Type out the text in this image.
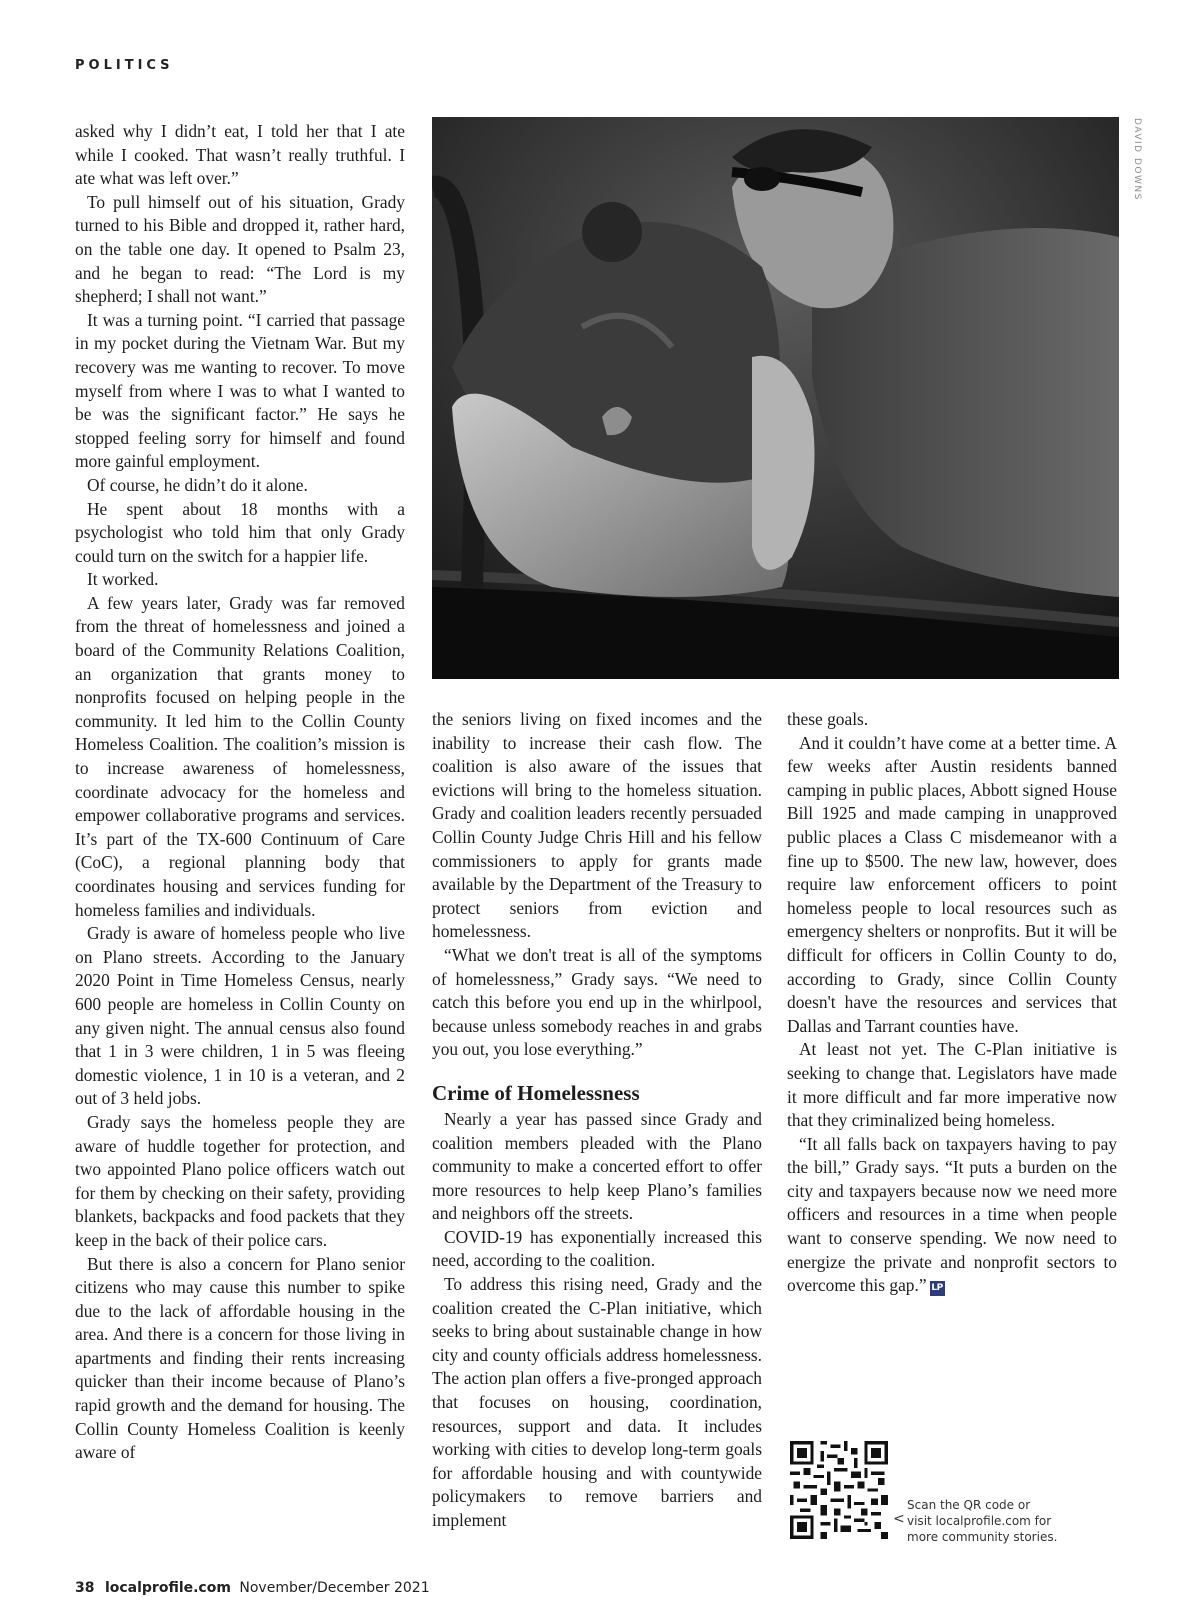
POLITICS

asked why I didn’t eat, I told her that I ate while I cooked. That wasn’t really truthful. I ate what was left over.”

To pull himself out of his situation, Grady turned to his Bible and dropped it, rather hard, on the table one day. It opened to Psalm 23, and he began to read: “The Lord is my shepherd; I shall not want.”

It was a turning point. “I carried that passage in my pocket during the Vietnam War. But my recovery was me wanting to recover. To move myself from where I was to what I wanted to be was the significant factor.” He says he stopped feeling sorry for himself and found more gainful employment.

Of course, he didn’t do it alone.

He spent about 18 months with a psychologist who told him that only Grady could turn on the switch for a happier life.

It worked.

A few years later, Grady was far removed from the threat of homelessness and joined a board of the Community Relations Coalition, an organization that grants money to nonprofits focused on helping people in the community. It led him to the Collin County Homeless Coalition. The coalition’s mission is to increase awareness of homelessness, coordinate advocacy for the homeless and empower collaborative programs and services. It’s part of the TX-600 Continuum of Care (CoC), a regional planning body that coordinates housing and services funding for homeless families and individuals.

Grady is aware of homeless people who live on Plano streets. According to the January 2020 Point in Time Homeless Census, nearly 600 people are homeless in Collin County on any given night. The annual census also found that 1 in 3 were children, 1 in 5 was fleeing domestic violence, 1 in 10 is a veteran, and 2 out of 3 held jobs.

Grady says the homeless people they are aware of huddle together for protection, and two appointed Plano police officers watch out for them by checking on their safety, providing blankets, backpacks and food packets that they keep in the back of their police cars.

But there is also a concern for Plano senior citizens who may cause this number to spike due to the lack of affordable housing in the area. And there is a concern for those living in apartments and finding their rents increasing quicker than their income because of Plano’s rapid growth and the demand for housing. The Collin County Homeless Coalition is keenly aware of

DAVID DOWNS

the seniors living on fixed incomes and the inability to increase their cash flow. The coalition is also aware of the issues that evictions will bring to the homeless situation. Grady and coalition leaders recently persuaded Collin County Judge Chris Hill and his fellow commissioners to apply for grants made available by the Department of the Treasury to protect seniors from eviction and homelessness.

“What we don't treat is all of the symptoms of homelessness,” Grady says. “We need to catch this before you end up in the whirlpool, because unless somebody reaches in and grabs you out, you lose everything.”

Crime of Homelessness

Nearly a year has passed since Grady and coalition members pleaded with the Plano community to make a concerted effort to offer more resources to help keep Plano’s families and neighbors off the streets.

COVID-19 has exponentially increased this need, according to the coalition.

To address this rising need, Grady and the coalition created the C-Plan initiative, which seeks to bring about sustainable change in how city and county officials address homelessness. The action plan offers a five-pronged approach that focuses on housing, coordination, resources, support and data. It includes working with cities to develop long-term goals for affordable housing and with countywide policymakers to remove barriers and implement

these goals.

And it couldn’t have come at a better time. A few weeks after Austin residents banned camping in public places, Abbott signed House Bill 1925 and made camping in unapproved public places a Class C misdemeanor with a fine up to $500. The new law, however, does require law enforcement officers to point homeless people to local resources such as emergency shelters or nonprofits. But it will be difficult for officers in Collin County to do, according to Grady, since Collin County doesn't have the resources and services that Dallas and Tarrant counties have.

At least not yet. The C-Plan initiative is seeking to change that. Legislators have made it more difficult and far more imperative now that they criminalized being homeless.

“It all falls back on taxpayers having to pay the bill,” Grady says. “It puts a burden on the city and taxpayers because now we need more officers and resources in a time when people want to conserve spending. We now need to energize the private and nonprofit sectors to overcome this gap.” LP

<
Scan the QR code or
visit localprofile.com for
more community stories.
38 localprofile.com November/December 2021
